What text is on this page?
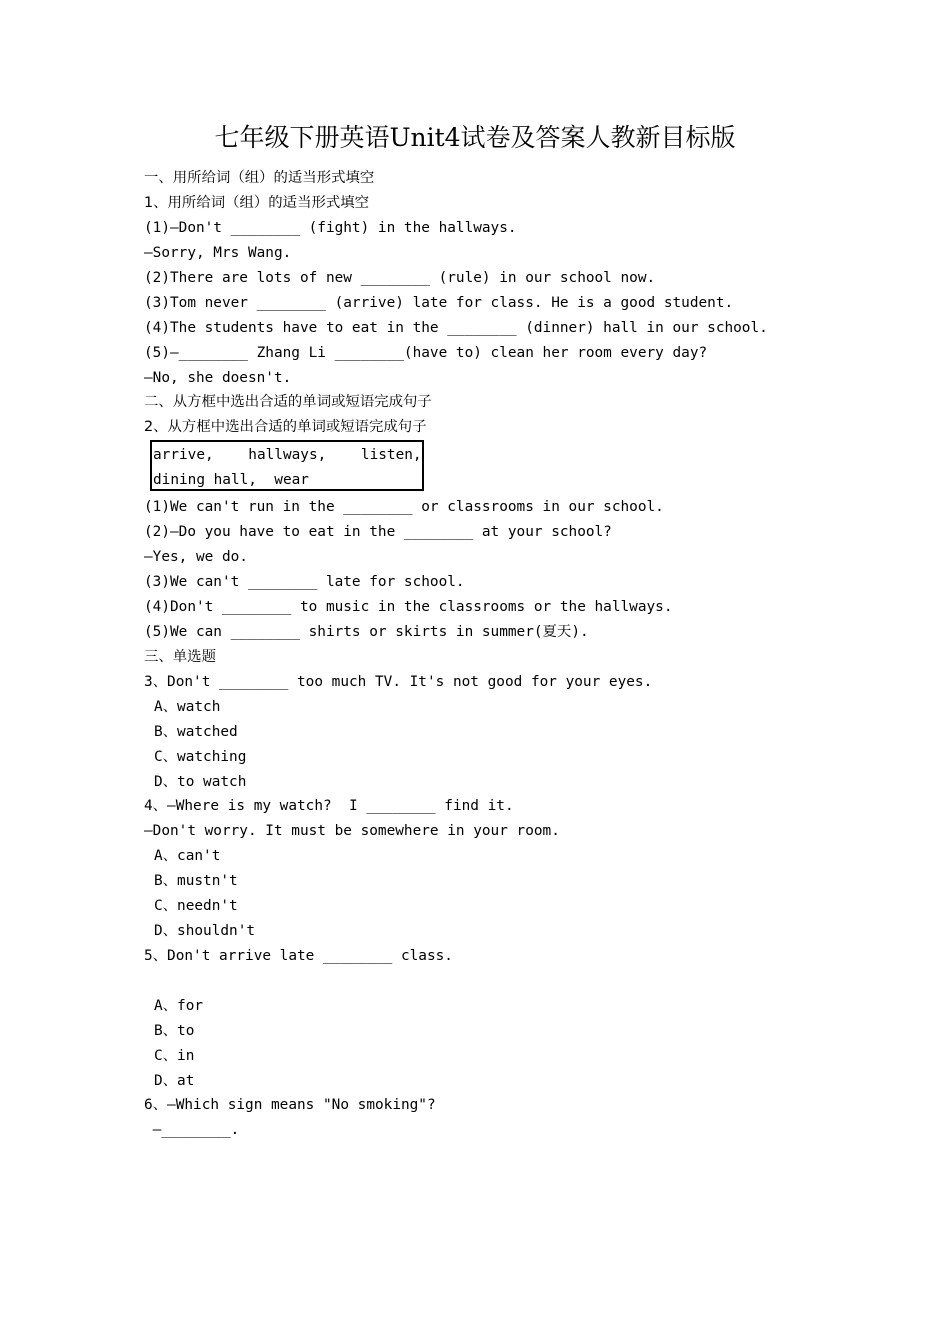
七年级下册英语Unit4试卷及答案人教新目标版
一、用所给词（组）的适当形式填空
1、用所给词（组）的适当形式填空
(1)—Don't ________ (fight) in the hallways.
—Sorry, Mrs Wang.
(2)There are lots of new ________ (rule) in our school now.
(3)Tom never ________ (arrive) late for class. He is a good student.
(4)The students have to eat in the ________ (dinner) hall in our school.
(5)—________ Zhang Li ________(have to) clean her room every day?
—No, she doesn't.
二、从方框中选出合适的单词或短语完成句子
2、从方框中选出合适的单词或短语完成句子
arrive,    hallways,    listen,
dining hall,  wear
(1)We can't run in the ________ or classrooms in our school.
(2)—Do you have to eat in the ________ at your school?
—Yes, we do.
(3)We can't ________ late for school.
(4)Don't ________ to music in the classrooms or the hallways.
(5)We can ________ shirts or skirts in summer(夏天).
三、单选题
3、Don't ________ too much TV. It's not good for your eyes.
A、watch
B、watched
C、watching
D、to watch
4、—Where is my watch?  I ________ find it.
—Don't worry. It must be somewhere in your room.
A、can't
B、mustn't
C、needn't
D、shouldn't
5、Don't arrive late ________ class.
A、for
B、to
C、in
D、at
6、—Which sign means "No smoking"?
—________.
